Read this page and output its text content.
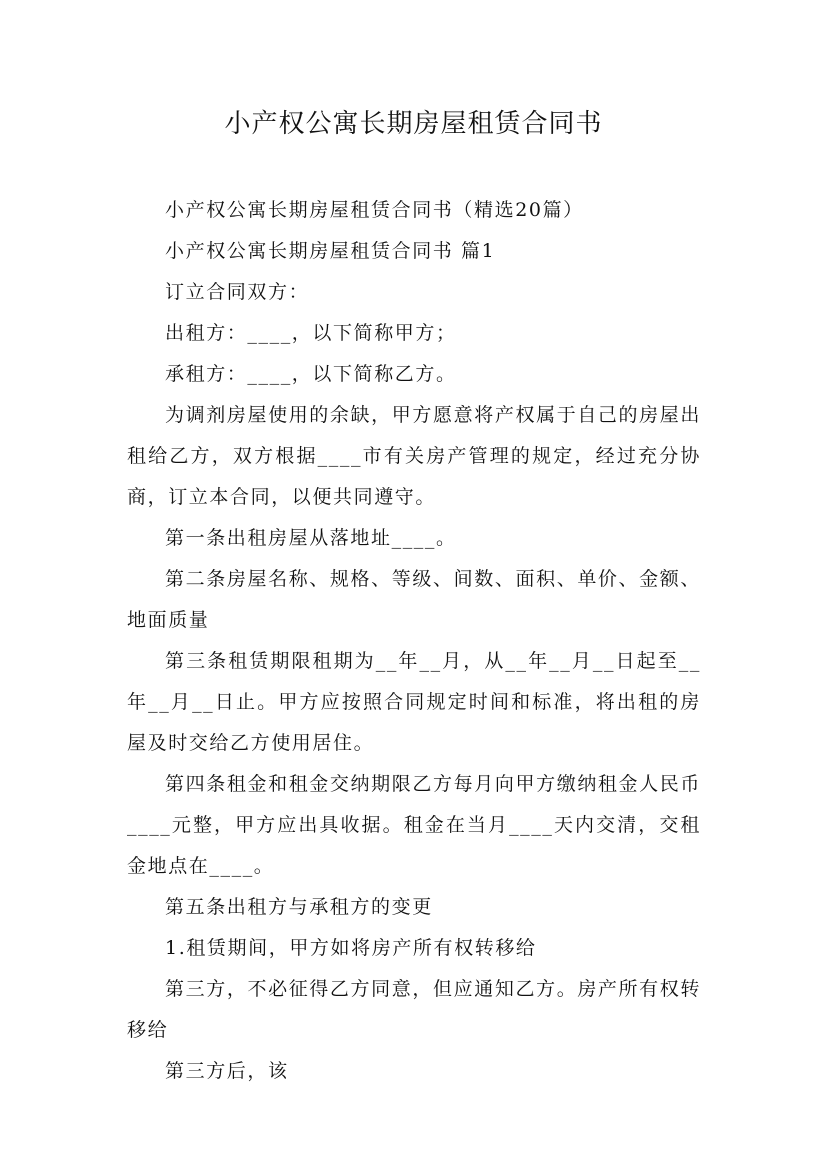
小产权公寓长期房屋租赁合同书

小产权公寓长期房屋租赁合同书（精选20篇）

小产权公寓长期房屋租赁合同书 篇1

订立合同双方：

出租方：____，以下简称甲方；

承租方：____，以下简称乙方。

为调剂房屋使用的余缺，甲方愿意将产权属于自己的房屋出租给乙方，双方根据____市有关房产管理的规定，经过充分协商，订立本合同，以便共同遵守。

第一条出租房屋从落地址____。

第二条房屋名称、规格、等级、间数、面积、单价、金额、地面质量

第三条租赁期限租期为__年__月，从__年__月__日起至__年__月__日止。甲方应按照合同规定时间和标准，将出租的房屋及时交给乙方使用居住。

第四条租金和租金交纳期限乙方每月向甲方缴纳租金人民币____元整，甲方应出具收据。租金在当月____天内交清，交租金地点在____。

第五条出租方与承租方的变更

1.租赁期间，甲方如将房产所有权转移给

第三方，不必征得乙方同意，但应通知乙方。房产所有权转移给

第三方后，该
